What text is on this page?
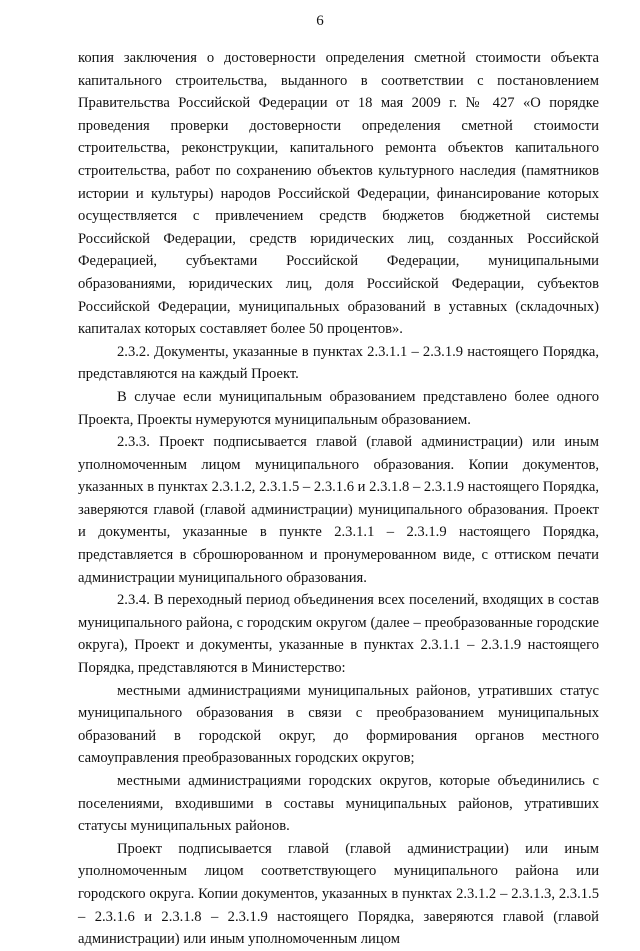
6

копия заключения о достоверности определения сметной стоимости объекта капитального строительства, выданного в соответствии с постановлением Правительства Российской Федерации от 18 мая 2009 г. № 427 «О порядке проведения проверки достоверности определения сметной стоимости строительства, реконструкции, капитального ремонта объектов капитального строительства, работ по сохранению объектов культурного наследия (памятников истории и культуры) народов Российской Федерации, финансирование которых осуществляется с привлечением средств бюджетов бюджетной системы Российской Федерации, средств юридических лиц, созданных Российской Федерацией, субъектами Российской Федерации, муниципальными образованиями, юридических лиц, доля Российской Федерации, субъектов Российской Федерации, муниципальных образований в уставных (складочных) капиталах которых составляет более 50 процентов».

2.3.2. Документы, указанные в пунктах 2.3.1.1 – 2.3.1.9 настоящего Порядка, представляются на каждый Проект.

В случае если муниципальным образованием представлено более одного Проекта, Проекты нумеруются муниципальным образованием.

2.3.3. Проект подписывается главой (главой администрации) или иным уполномоченным лицом муниципального образования. Копии документов, указанных в пунктах 2.3.1.2, 2.3.1.5 – 2.3.1.6 и 2.3.1.8 – 2.3.1.9 настоящего Порядка, заверяются главой (главой администрации) муниципального образования. Проект и документы, указанные в пункте 2.3.1.1 – 2.3.1.9 настоящего Порядка, представляется в сброшюрованном и пронумерованном виде, с оттиском печати администрации муниципального образования.

2.3.4. В переходный период объединения всех поселений, входящих в состав муниципального района, с городским округом (далее – преобразованные городские округа), Проект и документы, указанные в пунктах 2.3.1.1 – 2.3.1.9 настоящего Порядка, представляются в Министерство:

местными администрациями муниципальных районов, утративших статус муниципального образования в связи с преобразованием муниципальных образований в городской округ, до формирования органов местного самоуправления преобразованных городских округов;

местными администрациями городских округов, которые объединились с поселениями, входившими в составы муниципальных районов, утративших статусы муниципальных районов.

Проект подписывается главой (главой администрации) или иным уполномоченным лицом соответствующего муниципального района или городского округа. Копии документов, указанных в пунктах 2.3.1.2 – 2.3.1.3, 2.3.1.5 – 2.3.1.6 и 2.3.1.8 – 2.3.1.9 настоящего Порядка, заверяются главой (главой администрации) или иным уполномоченным лицом
